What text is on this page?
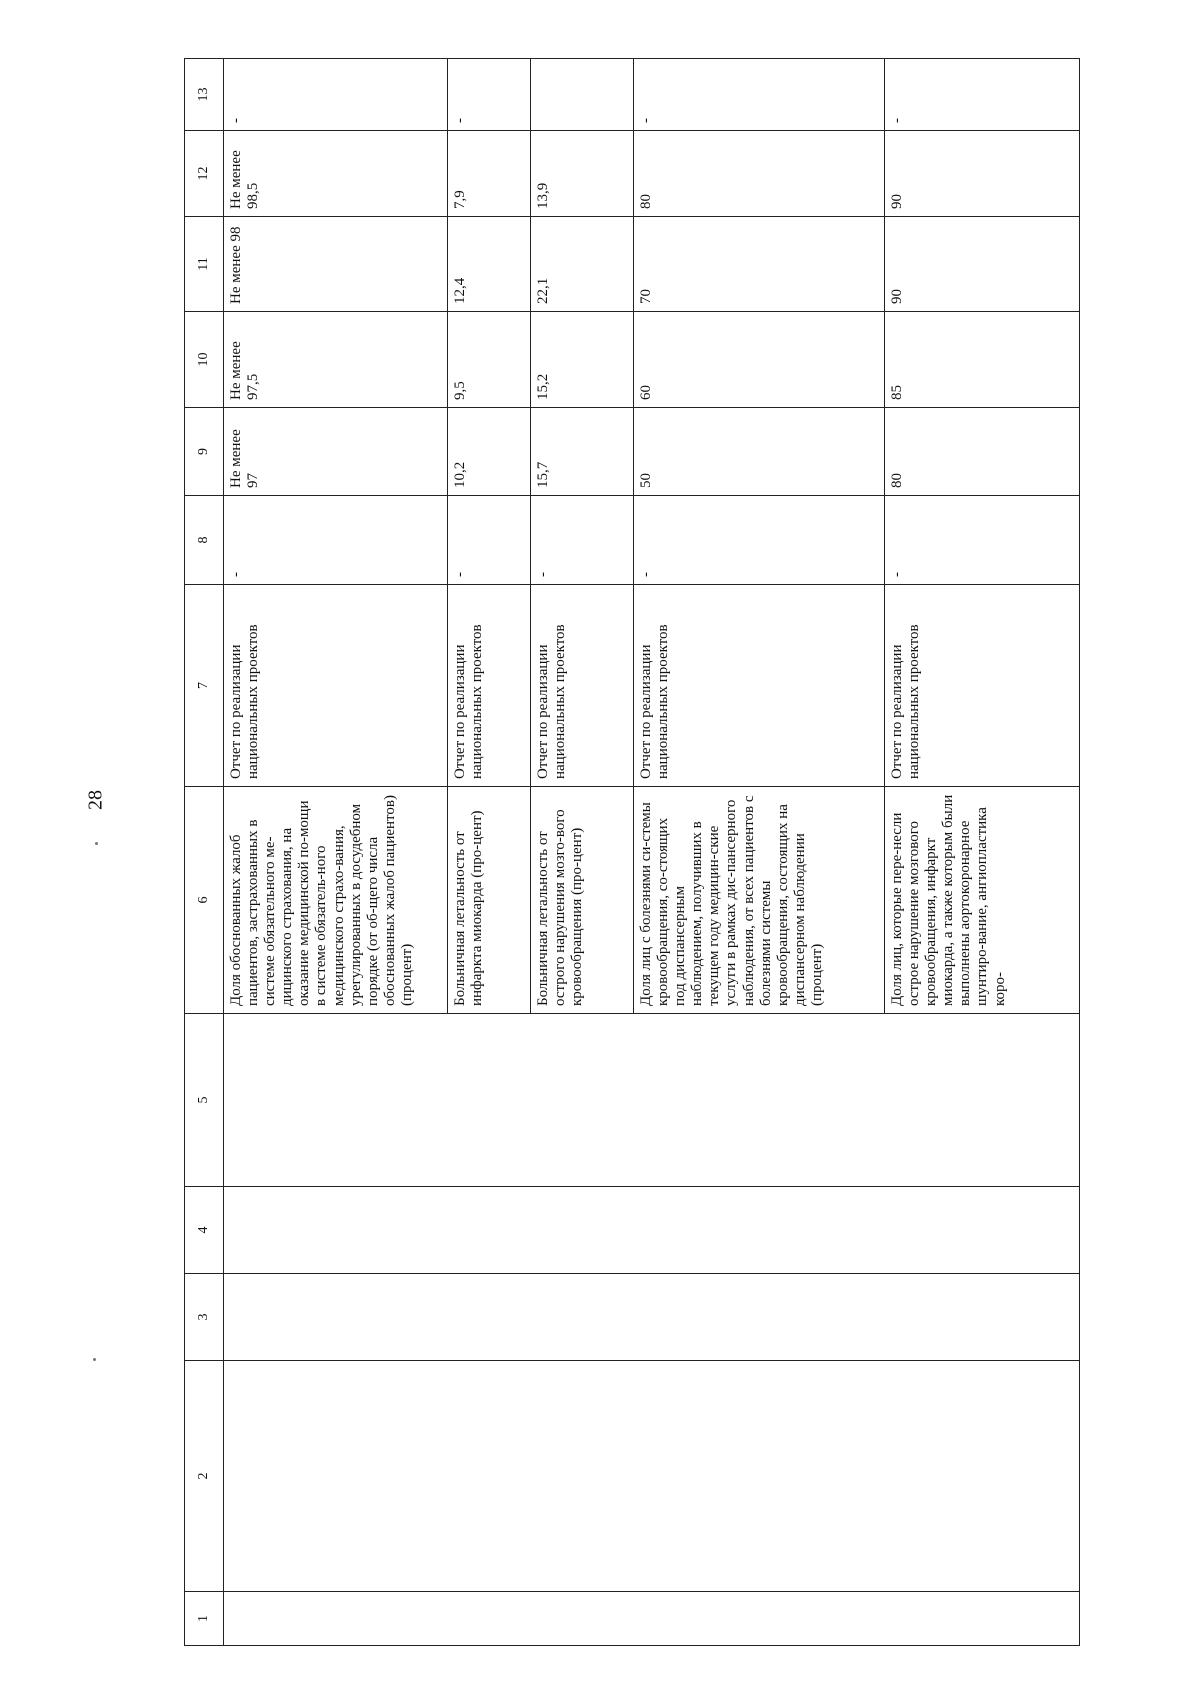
28
1	2	3	4	5	6	7	8	9	10	11	12	13
					Доля обоснованных жалоб пациентов, застрахованных в системе обязательного ме-дицинского страхования, на оказание медицинской по-мощи в системе обязатель-ного медицинского страхо-вания, урегулированных в досудебном порядке (от об-щего числа обоснованных жалоб пациентов) (процент)	Отчет по реализации национальных проектов	-	Не менее 97	Не менее 97,5	Не менее 98	Не менее 98,5	-
					Больничная летальность от инфаркта миокарда (про-цент)	Отчет по реализации национальных проектов	-	10,2	9,5	12,4	7,9	-
					Больничная летальность от острого нарушения мозго-вого кровообращения (про-цент)	Отчет по реализации национальных проектов	-	15,7	15,2	22,1	13,9	
					Доля лиц с болезнями си-стемы кровообращения, со-стоящих под диспансерным наблюдением, получивших в текущем году медицин-ские услуги в рамках дис-пансерного наблюдения, от всех пациентов с болезнями системы кровообращения, состоящих на диспансерном наблюдении (процент)	Отчет по реализации национальных проектов	-	50	60	70	80	-
					Доля лиц, которые пере-несли острое нарушение мозгового кровообращения, инфаркт миокарда, а также которым были выполнены аортокоронарное шунтиро-вание, ангиопластика коро-	Отчет по реализации национальных проектов	-	80	85	90	90	-
